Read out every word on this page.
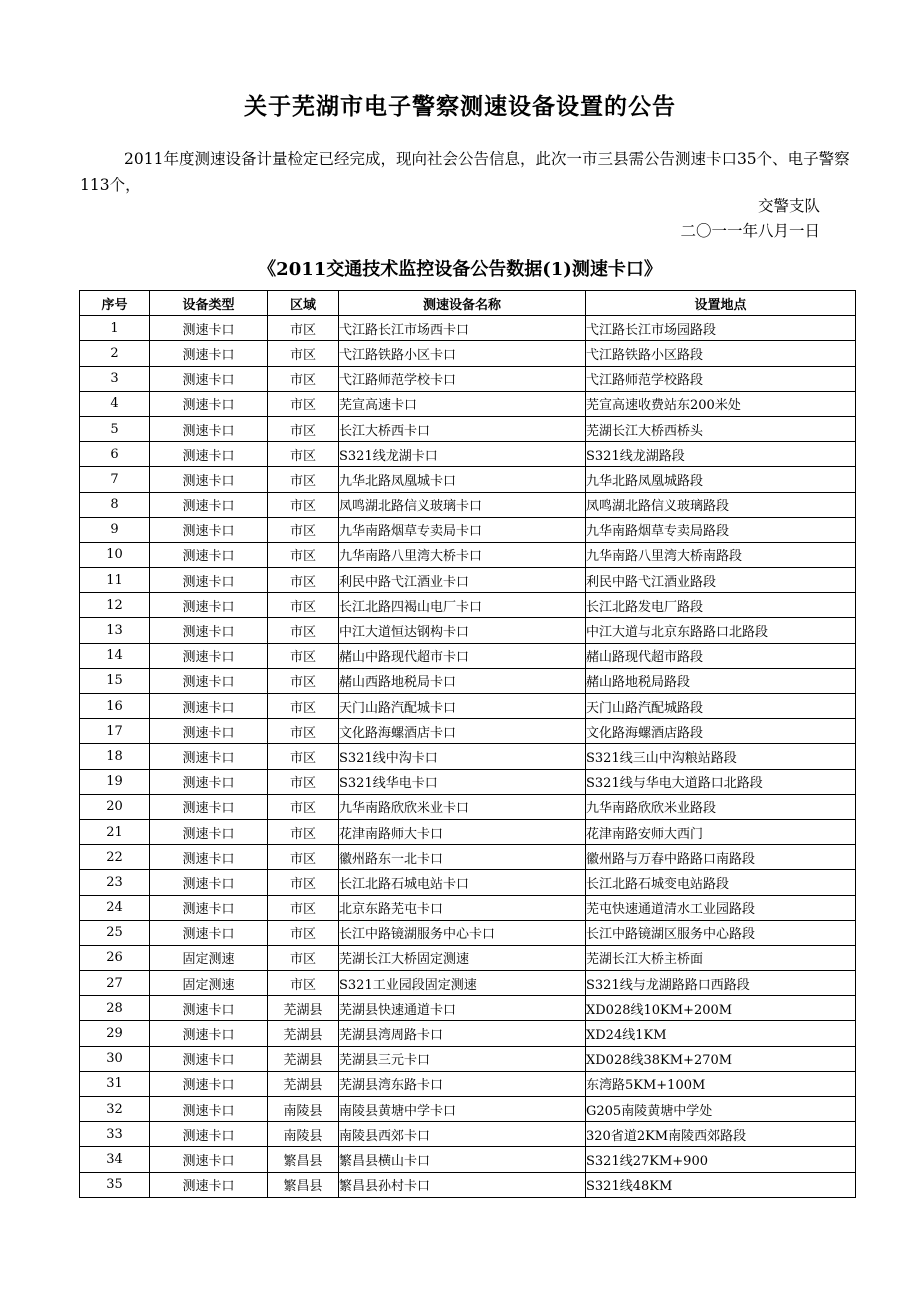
关于芜湖市电子警察测速设备设置的公告
2011年度测速设备计量检定已经完成，现向社会公告信息，此次一市三县需公告测速卡口35个、电子警察113个，
交警支队
二〇一一年八月一日
《2011交通技术监控设备公告数据(1)测速卡口》
序号	设备类型	区域	测速设备名称	设置地点
1	测速卡口	市区	弋江路长江市场西卡口	弋江路长江市场园路段
2	测速卡口	市区	弋江路铁路小区卡口	弋江路铁路小区路段
3	测速卡口	市区	弋江路师范学校卡口	弋江路师范学校路段
4	测速卡口	市区	芜宣高速卡口	芜宣高速收费站东200米处
5	测速卡口	市区	长江大桥西卡口	芜湖长江大桥西桥头
6	测速卡口	市区	S321线龙湖卡口	S321线龙湖路段
7	测速卡口	市区	九华北路凤凰城卡口	九华北路凤凰城路段
8	测速卡口	市区	凤鸣湖北路信义玻璃卡口	凤鸣湖北路信义玻璃路段
9	测速卡口	市区	九华南路烟草专卖局卡口	九华南路烟草专卖局路段
10	测速卡口	市区	九华南路八里湾大桥卡口	九华南路八里湾大桥南路段
11	测速卡口	市区	利民中路弋江酒业卡口	利民中路弋江酒业路段
12	测速卡口	市区	长江北路四褐山电厂卡口	长江北路发电厂路段
13	测速卡口	市区	中江大道恒达钢构卡口	中江大道与北京东路路口北路段
14	测速卡口	市区	赭山中路现代超市卡口	赭山路现代超市路段
15	测速卡口	市区	赭山西路地税局卡口	赭山路地税局路段
16	测速卡口	市区	天门山路汽配城卡口	天门山路汽配城路段
17	测速卡口	市区	文化路海螺酒店卡口	文化路海螺酒店路段
18	测速卡口	市区	S321线中沟卡口	S321线三山中沟粮站路段
19	测速卡口	市区	S321线华电卡口	S321线与华电大道路口北路段
20	测速卡口	市区	九华南路欣欣米业卡口	九华南路欣欣米业路段
21	测速卡口	市区	花津南路师大卡口	花津南路安师大西门
22	测速卡口	市区	徽州路东一北卡口	徽州路与万春中路路口南路段
23	测速卡口	市区	长江北路石城电站卡口	长江北路石城变电站路段
24	测速卡口	市区	北京东路芜屯卡口	芜屯快速通道清水工业园路段
25	测速卡口	市区	长江中路镜湖服务中心卡口	长江中路镜湖区服务中心路段
26	固定测速	市区	芜湖长江大桥固定测速	芜湖长江大桥主桥面
27	固定测速	市区	S321工业园段固定测速	S321线与龙湖路路口西路段
28	测速卡口	芜湖县	芜湖县快速通道卡口	XD028线10KM+200M
29	测速卡口	芜湖县	芜湖县湾周路卡口	XD24线1KM
30	测速卡口	芜湖县	芜湖县三元卡口	XD028线38KM+270M
31	测速卡口	芜湖县	芜湖县湾东路卡口	东湾路5KM+100M
32	测速卡口	南陵县	南陵县黄塘中学卡口	G205南陵黄塘中学处
33	测速卡口	南陵县	南陵县西郊卡口	320省道2KM南陵西郊路段
34	测速卡口	繁昌县	繁昌县横山卡口	S321线27KM+900
35	测速卡口	繁昌县	繁昌县孙村卡口	S321线48KM
